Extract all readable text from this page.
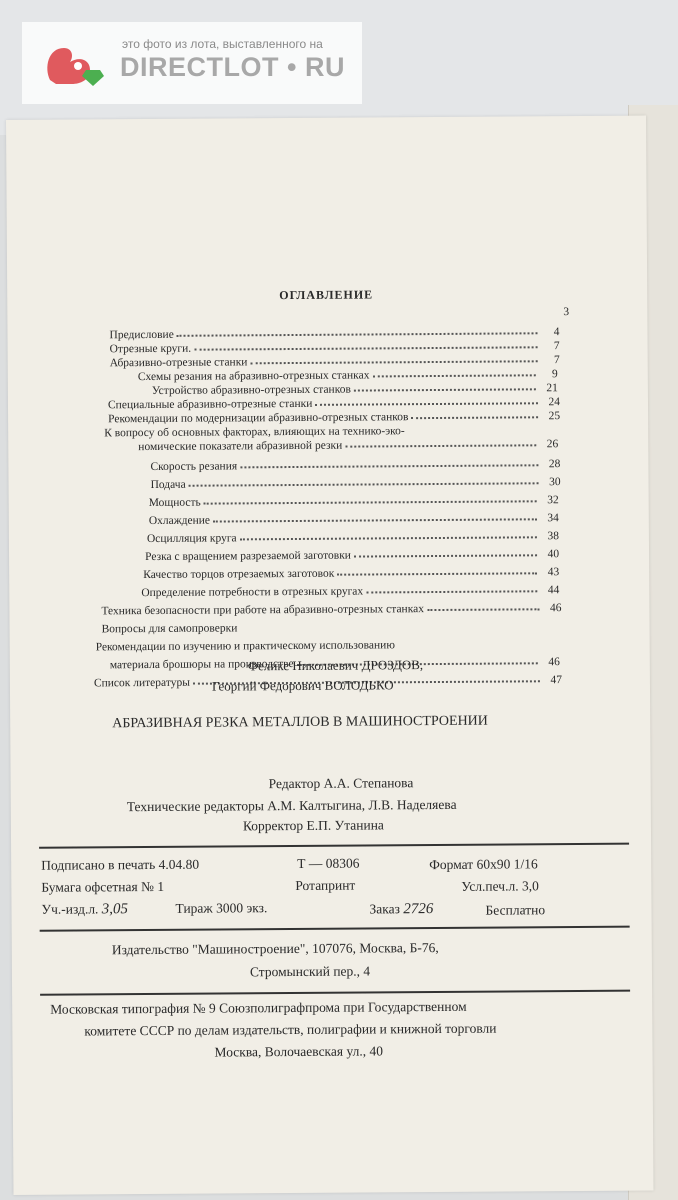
ОГЛАВЛЕНИЕ
3
Предисловие	4
Отрезные круги.	7
Абразивно-отрезные станки	7
Схемы резания на абразивно-отрезных станках	9
Устройство абразивно-отрезных станков	21
Специальные абразивно-отрезные станки	24
Рекомендации по модернизации абразивно-отрезных станков	25
К вопросу об основных факторах, влияющих на технико-эко-
номические показатели абразивной резки	26
Скорость резания	28
Подача	30
Мощность	32
Охлаждение	34
Осцилляция круга	38
Резка с вращением разрезаемой заготовки	40
Качество торцов отрезаемых заготовок	43
Определение потребности в отрезных кругах	44
Техника безопасности при работе на абразивно-отрезных станках	46
Вопросы для самопроверки
Рекомендации по изучению и практическому использованию
материала брошюры на производстве	46
Список литературы	47
Феликс Николаевич ДРОЗДОВ,
Георгий Федорович ВОЛОДЬКО
АБРАЗИВНАЯ РЕЗКА МЕТАЛЛОВ В МАШИНОСТРОЕНИИ
Редактор А.А. Степанова
Технические редакторы А.М. Калтыгина, Л.В. Наделяева
Корректор Е.П. Утанина
Подписано в печать 4.04.80	Т — 08306	Формат 60х90 1/16
Бумага офсетная № 1	Ротапринт	Усл.печ.л. 3,0
Уч.-изд.л. 3,05	Тираж 3000 экз.	Заказ 2726	Бесплатно
Издательство "Машиностроение", 107076, Москва, Б-76,
Стромынский пер., 4
Московская типография № 9 Союзполиграфпрома при Государственном
комитете СССР по делам издательств, полиграфии и книжной торговли
Москва, Волочаевская ул., 40
это фото из лота, выставленного на
DIRECTLOT • RU
